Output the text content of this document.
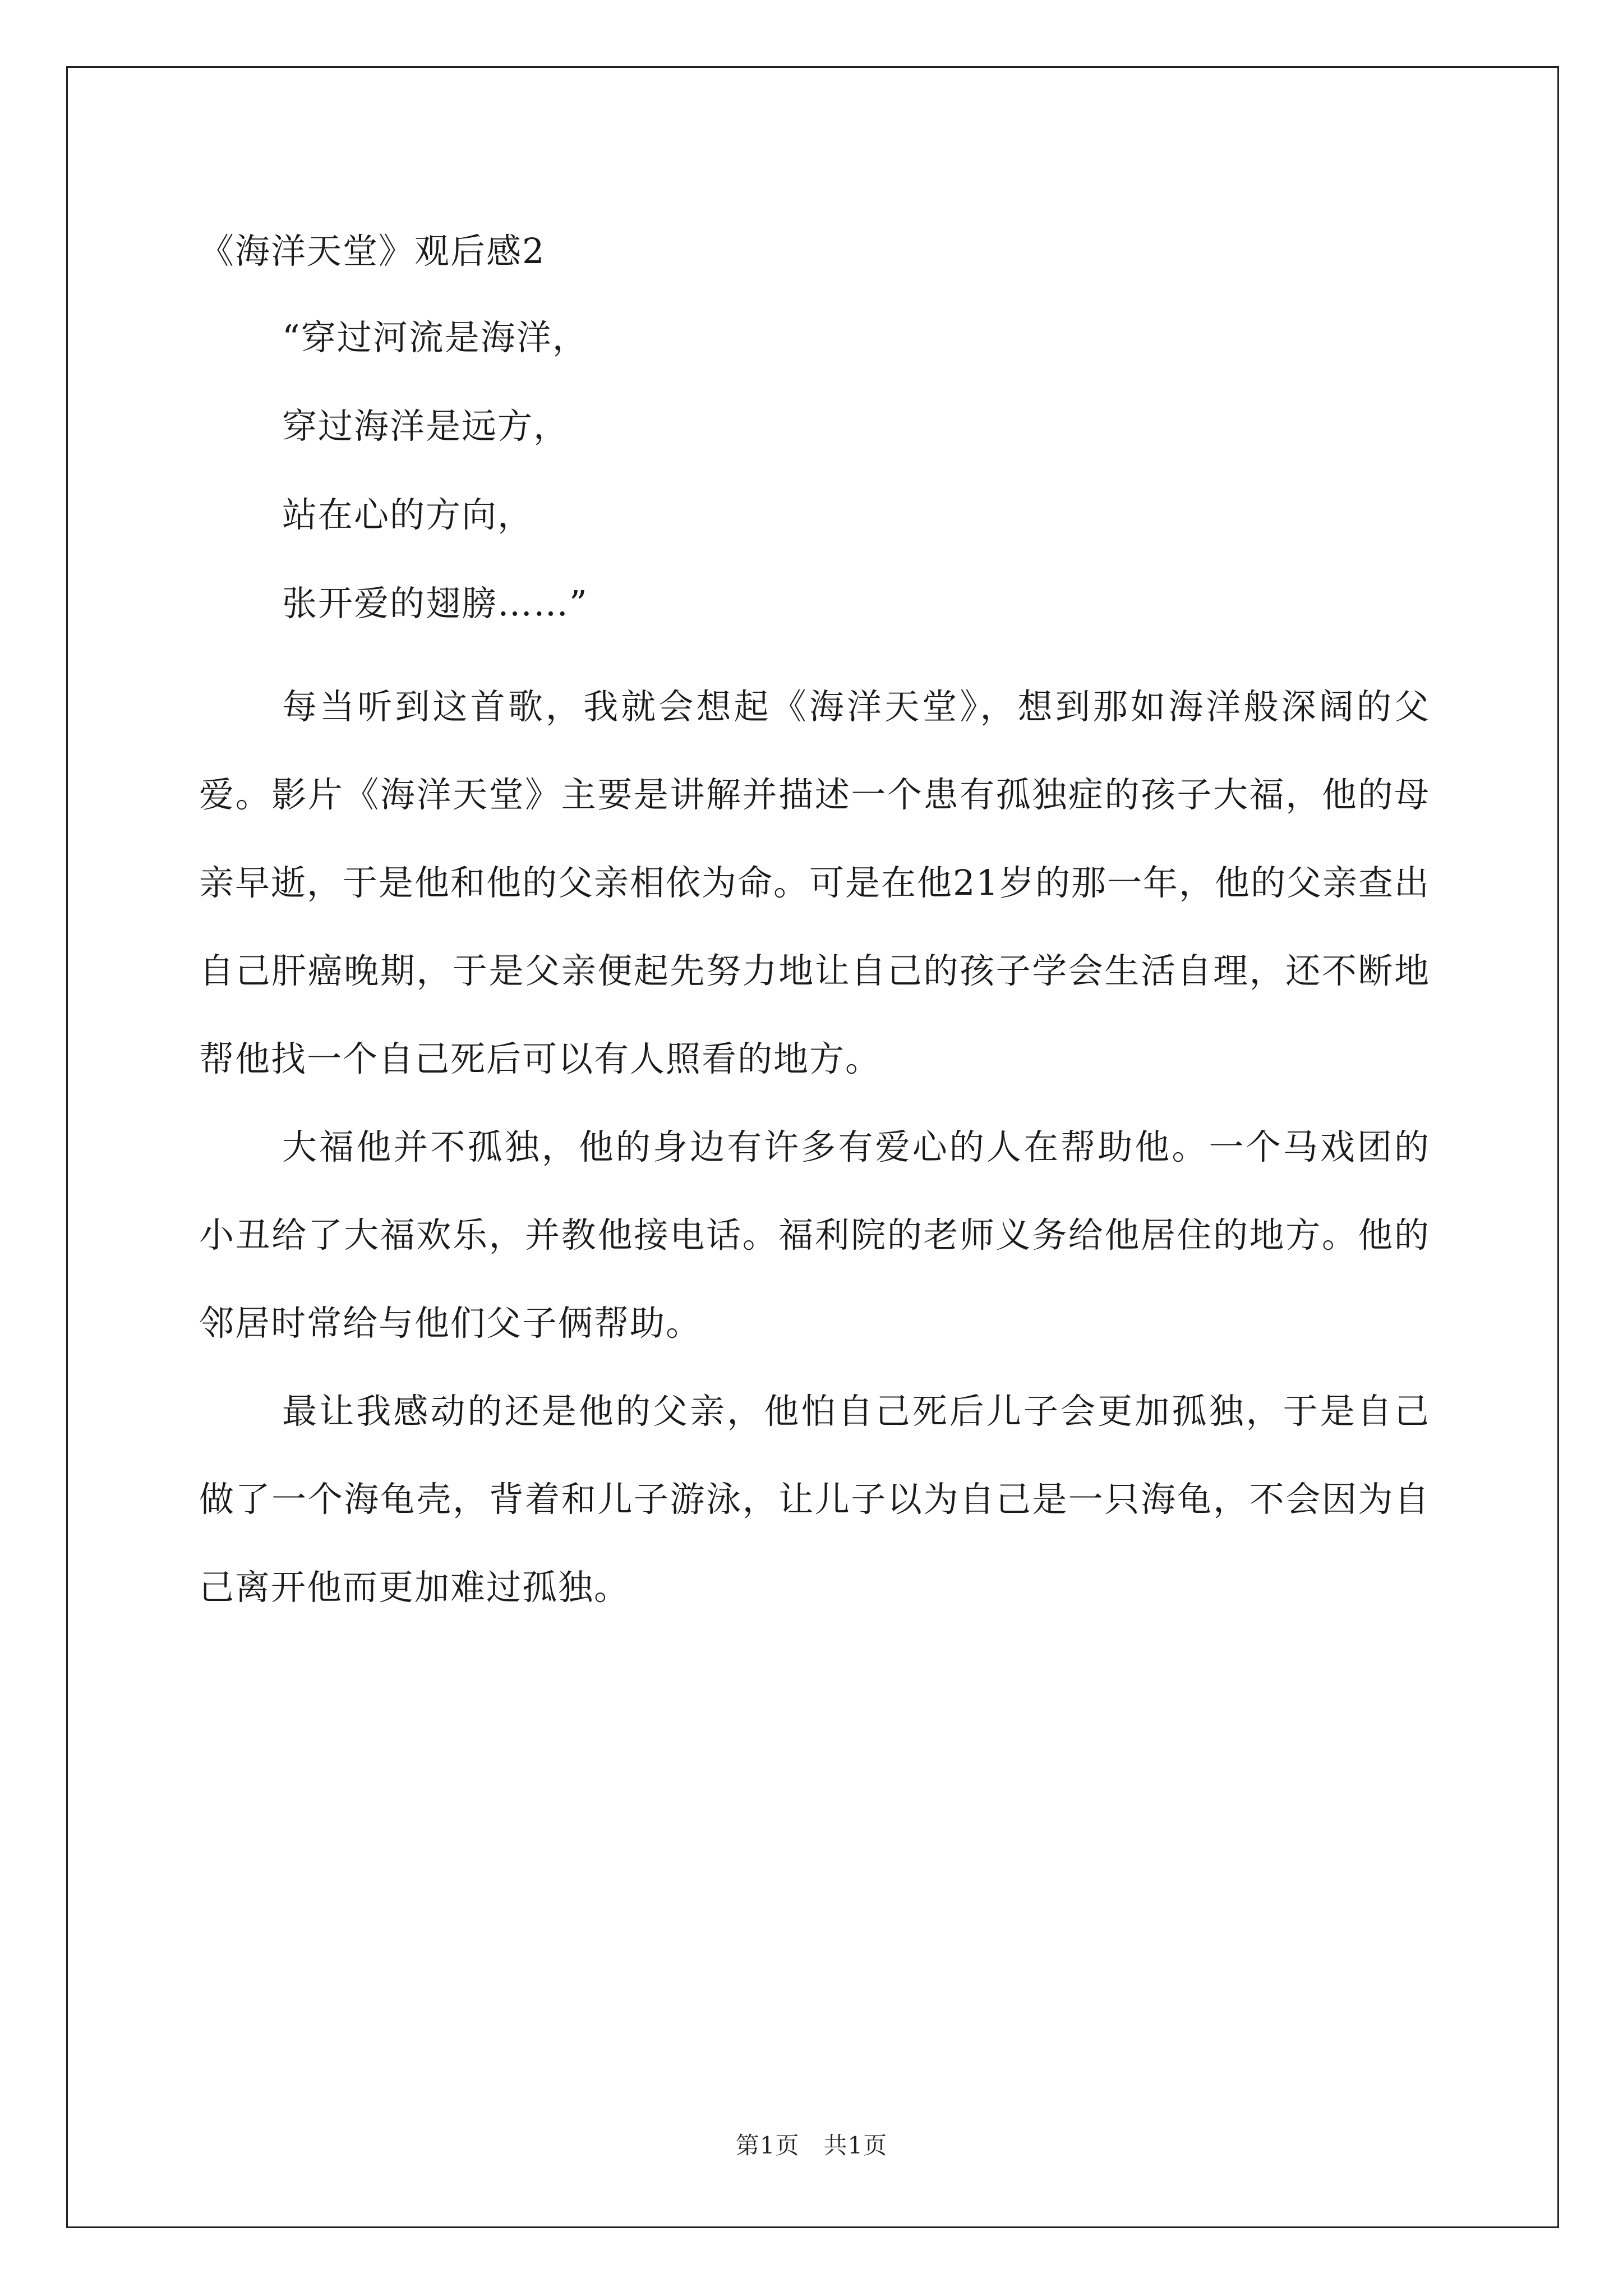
《海洋天堂》观后感2

“穿过河流是海洋，

穿过海洋是远方，

站在心的方向，

张开爱的翅膀……”

每当听到这首歌，我就会想起《海洋天堂》，想到那如海洋般深阔的父爱。影片《海洋天堂》主要是讲解并描述一个患有孤独症的孩子大福，他的母亲早逝，于是他和他的父亲相依为命。可是在他21岁的那一年，他的父亲查出自己肝癌晚期，于是父亲便起先努力地让自己的孩子学会生活自理，还不断地帮他找一个自己死后可以有人照看的地方。

大福他并不孤独，他的身边有许多有爱心的人在帮助他。一个马戏团的小丑给了大福欢乐，并教他接电话。福利院的老师义务给他居住的地方。他的邻居时常给与他们父子俩帮助。

最让我感动的还是他的父亲，他怕自己死后儿子会更加孤独，于是自己做了一个海龟壳，背着和儿子游泳，让儿子以为自己是一只海龟，不会因为自己离开他而更加难过孤独。

第1页　共1页
